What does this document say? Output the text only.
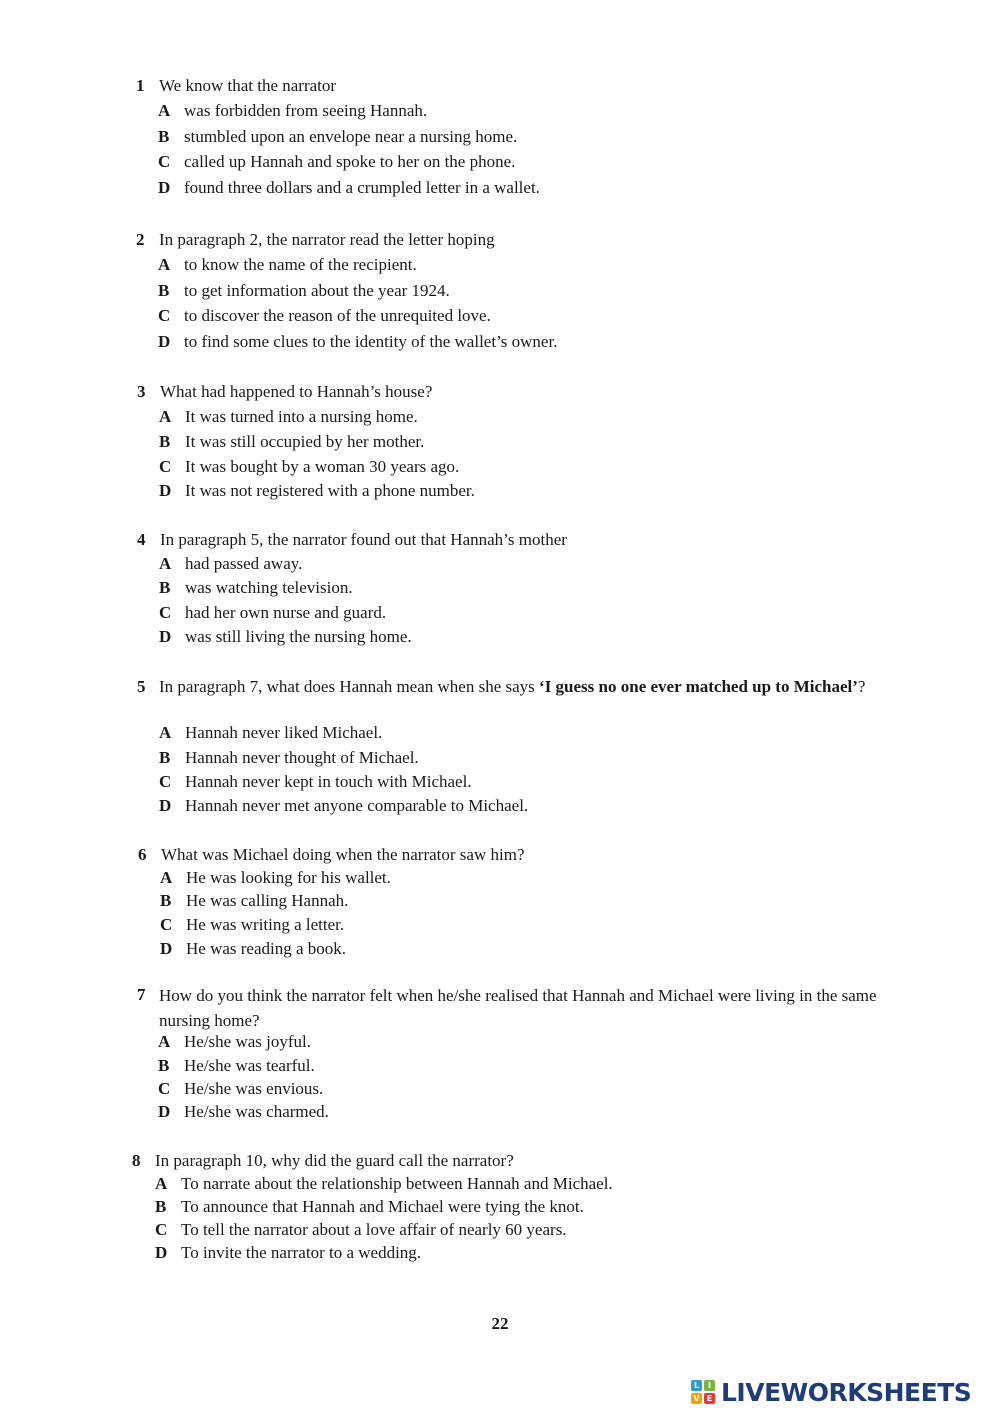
1 We know that the narrator
A was forbidden from seeing Hannah.
B stumbled upon an envelope near a nursing home.
C called up Hannah and spoke to her on the phone.
D found three dollars and a crumpled letter in a wallet.
2 In paragraph 2, the narrator read the letter hoping
A to know the name of the recipient.
B to get information about the year 1924.
C to discover the reason of the unrequited love.
D to find some clues to the identity of the wallet’s owner.
3 What had happened to Hannah’s house?
A It was turned into a nursing home.
B It was still occupied by her mother.
C It was bought by a woman 30 years ago.
D It was not registered with a phone number.
4 In paragraph 5, the narrator found out that Hannah’s mother
A had passed away.
B was watching television.
C had her own nurse and guard.
D was still living the nursing home.
5 In paragraph 7, what does Hannah mean when she says ‘I guess no one ever matched up to Michael’?
A Hannah never liked Michael.
B Hannah never thought of Michael.
C Hannah never kept in touch with Michael.
D Hannah never met anyone comparable to Michael.
6 What was Michael doing when the narrator saw him?
A He was looking for his wallet.
B He was calling Hannah.
C He was writing a letter.
D He was reading a book.
7 How do you think the narrator felt when he/she realised that Hannah and Michael were living in the same nursing home?
A He/she was joyful.
B He/she was tearful.
C He/she was envious.
D He/she was charmed.
8 In paragraph 10, why did the guard call the narrator?
A To narrate about the relationship between Hannah and Michael.
B To announce that Hannah and Michael were tying the knot.
C To tell the narrator about a love affair of nearly 60 years.
D To invite the narrator to a wedding.
22
L	I
V E LIVEWORKSHEETS
